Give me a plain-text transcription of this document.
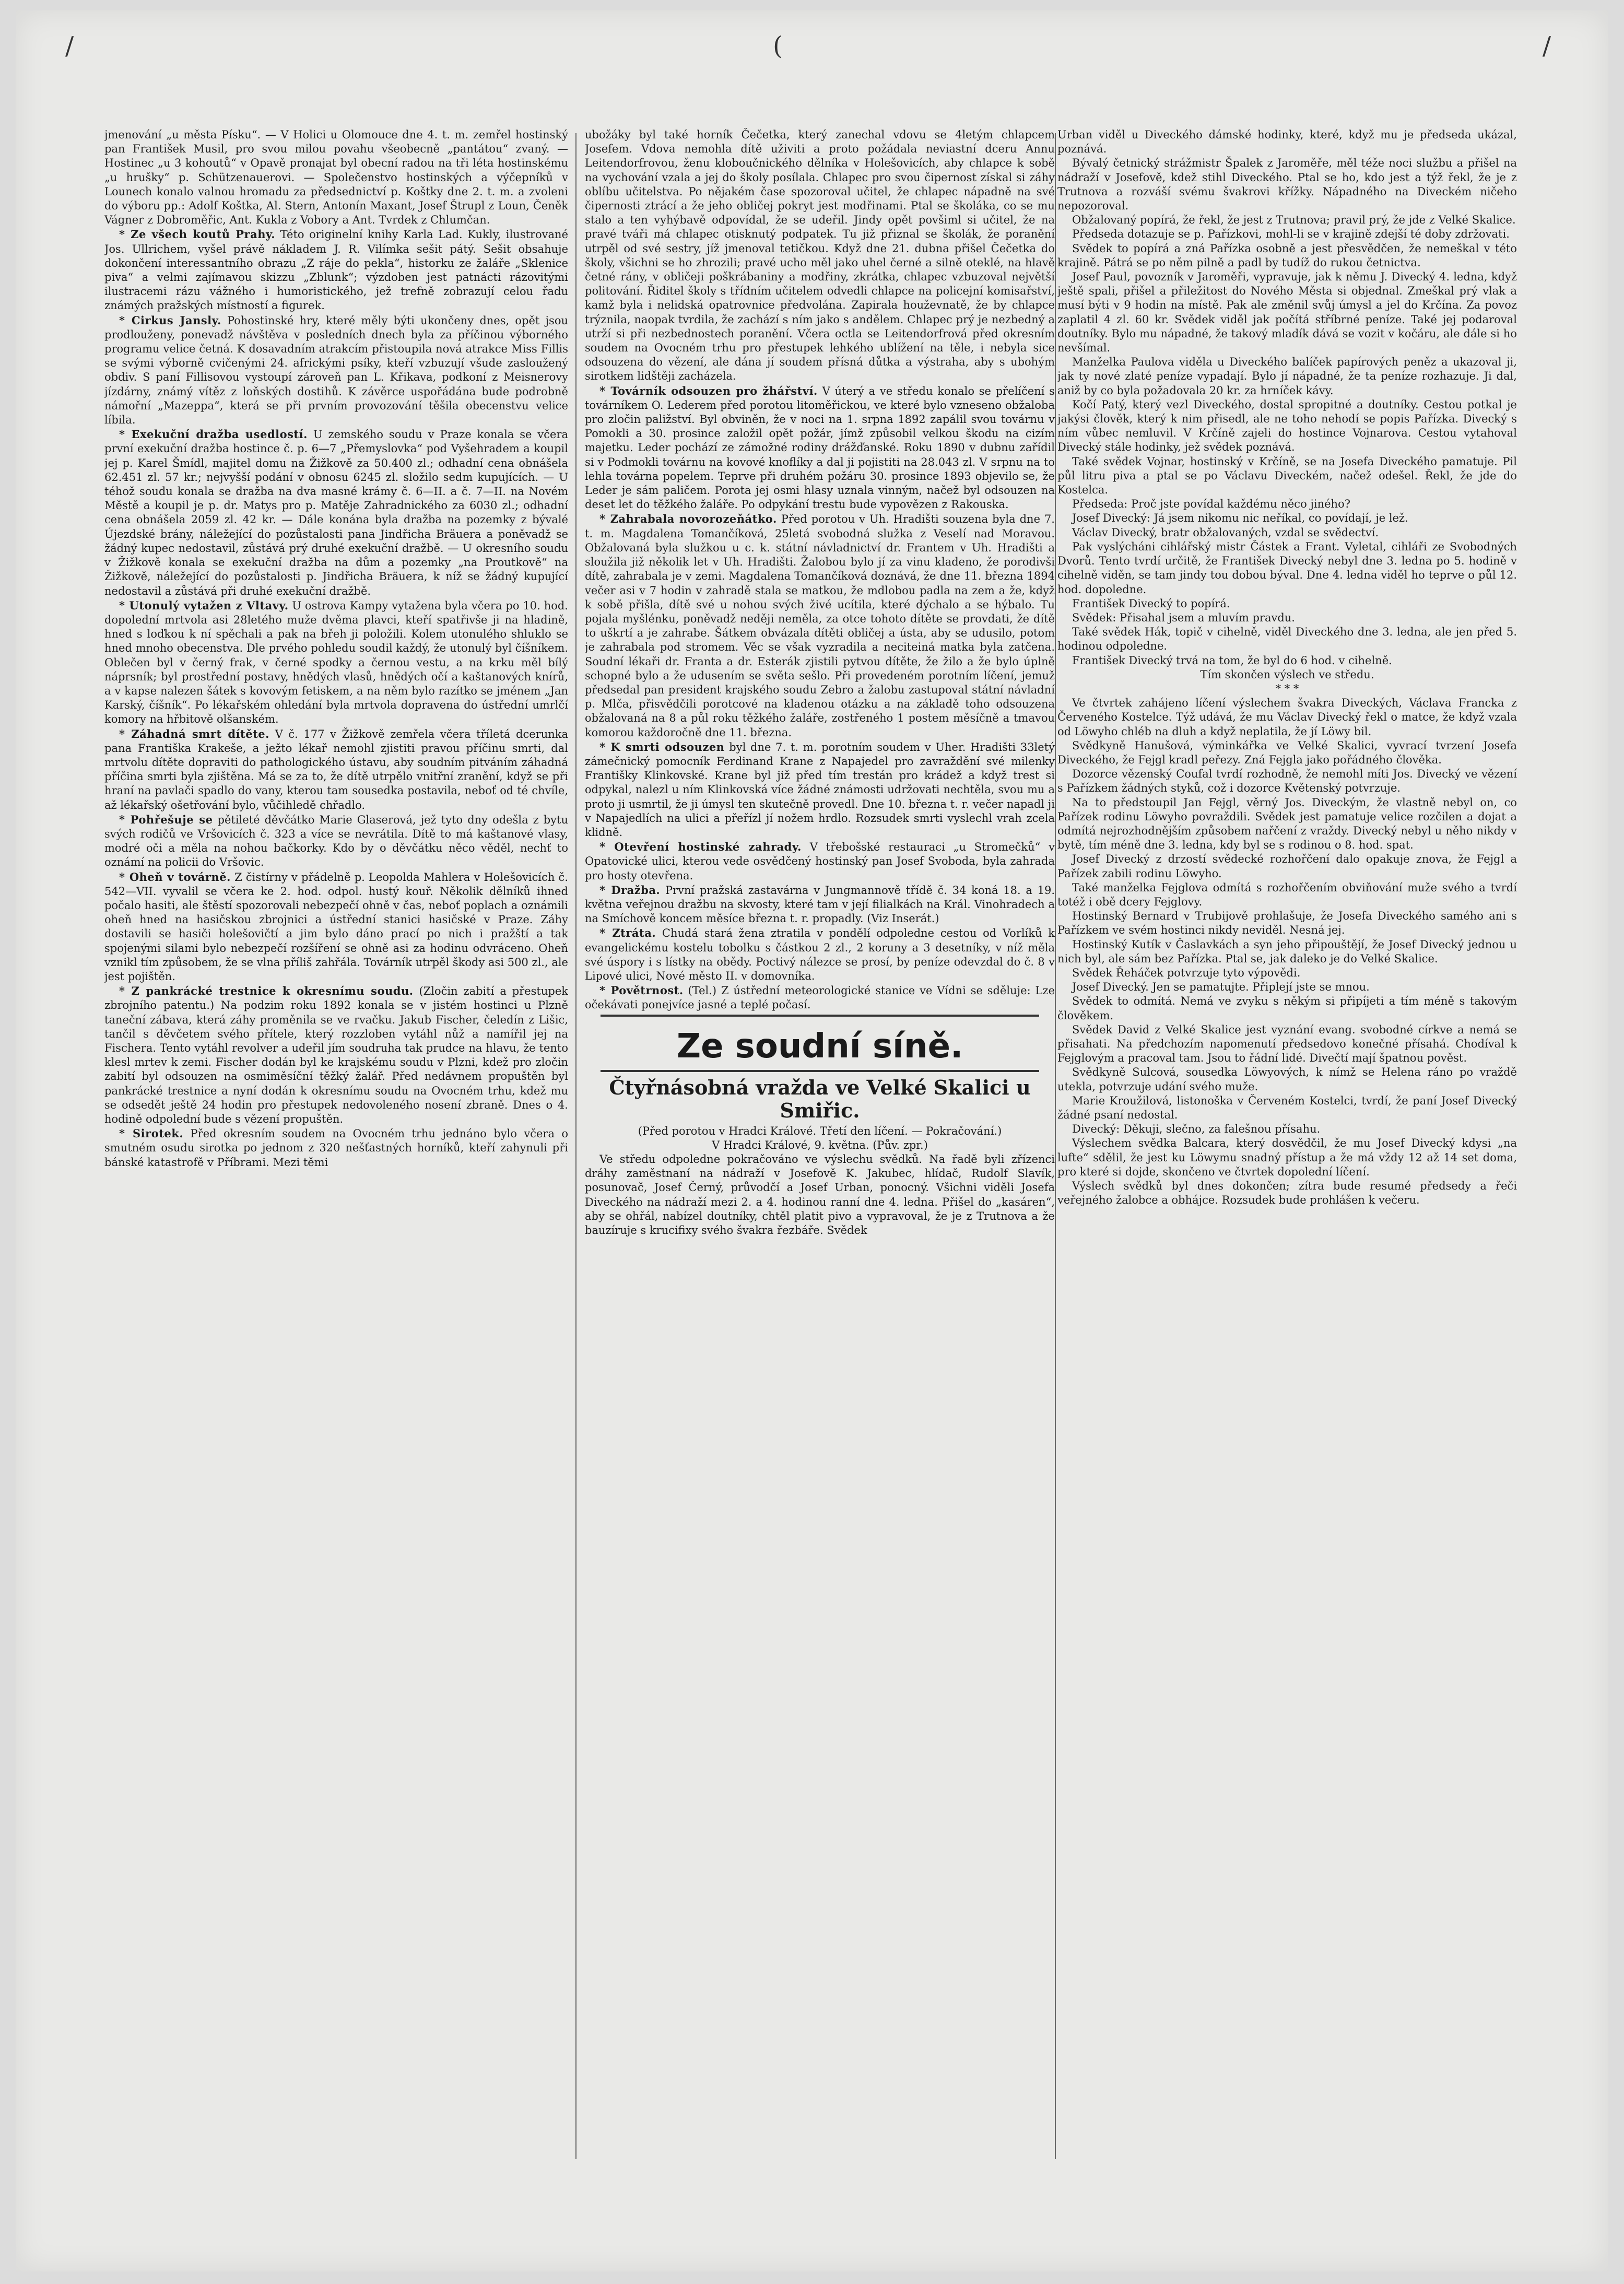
/	(	/

jmenování „u města Písku“. — V Holici u Olomouce dne 4. t. m. zemřel hostinský pan František Musil, pro svou milou povahu všeobecně „pantátou“ zvaný. — Hostinec „u 3 kohoutů“ v Opavě pronajat byl obecní radou na tři léta hostinskému „u hrušky“ p. Schützenauerovi. — Společenstvo hostinských a výčepníků v Lounech konalo valnou hromadu za předsednictví p. Koštky dne 2. t. m. a zvoleni do výboru pp.: Adolf Koštka, Al. Stern, Antonín Maxant, Josef Štrupl z Loun, Čeněk Vágner z Dobroměřic, Ant. Kukla z Vobory a Ant. Tvrdek z Chlumčan.

* Ze všech koutů Prahy. Této originelní knihy Karla Lad. Kukly, ilustrované Jos. Ullrichem, vyšel právě nákladem J. R. Vilímka sešit pátý. Sešit obsahuje dokončení interessantního obrazu „Z ráje do pekla“, historku ze žaláře „Sklenice piva“ a velmi zajímavou skizzu „Zblunk“; výzdoben jest patnácti rázovitými ilustracemi rázu vážného i humoristického, jež trefně zobrazují celou řadu známých pražských místností a figurek.

* Cirkus Jansly. Pohostinské hry, které měly býti ukončeny dnes, opět jsou prodlouženy, ponevadž návštěva v posledních dnech byla za příčinou výborného programu velice četná. K dosavadním atrakcím přistoupila nová atrakce Miss Fillis se svými výborně cvičenými 24. africkými psíky, kteří vzbuzují všude zasloužený obdiv. S paní Fillisovou vystoupí zároveň pan L. Křikava, podkoní z Meisnerovy jízdárny, známý vítěz z loňských dostihů. K závěrce uspořádána bude podrobně námořní „Mazeppa“, která se při prvním provozování těšila obecenstvu velice líbila.

* Exekuční dražba usedlostí. U zemského soudu v Praze konala se včera první exekuční dražba hostince č. p. 6—7 „Přemyslovka“ pod Vyšehradem a koupil jej p. Karel Šmídl, majitel domu na Žižkově za 50.400 zl.; odhadní cena obnášela 62.451 zl. 57 kr.; nejvyšší podání v obnosu 6245 zl. složilo sedm kupujících. — U téhož soudu konala se dražba na dva masné krámy č. 6—II. a č. 7—II. na Novém Městě a koupil je p. dr. Matys pro p. Matěje Zahradnického za 6030 zl.; odhadní cena obnášela 2059 zl. 42 kr. — Dále konána byla dražba na pozemky z bývalé Újezdské brány, náležející do pozůstalosti pana Jindřicha Bräuera a poněvadž se žádný kupec nedostavil, zůstává prý druhé exekuční dražbě. — U okresního soudu v Žižkově konala se exekuční dražba na dům a pozemky „na Proutkově“ na Žižkově, náležející do pozůstalosti p. Jindřicha Bräuera, k níž se žádný kupující nedostavil a zůstává při druhé exekuční dražbě.

* Utonulý vytažen z Vltavy. U ostrova Kampy vytažena byla včera po 10. hod. dopolední mrtvola asi 28letého muže dvěma plavci, kteří spatřivše ji na hladině, hned s loďkou k ní spěchali a pak na břeh ji položili. Kolem utonulého shluklo se hned mnoho obecenstva. Dle prvého pohledu soudil každý, že utonulý byl číšníkem. Oblečen byl v černý frak, v černé spodky a černou vestu, a na krku měl bílý náprsník; byl prostřední postavy, hnědých vlasů, hnědých očí a kaštanových knírů, a v kapse nalezen šátek s kovovým fetiskem, a na něm bylo razítko se jménem „Jan Karský, číšník“. Po lékařském ohledání byla mrtvola dopravena do ústřední umrlčí komory na hřbitově olšanském.

* Záhadná smrt dítěte. V č. 177 v Žižkově zemřela včera tříletá dcerunka pana Františka Krakeše, a ježto lékař nemohl zjistiti pravou příčinu smrti, dal mrtvolu dítěte dopraviti do pathologického ústavu, aby soudním pitváním záhadná příčina smrti byla zjištěna. Má se za to, že dítě utrpělo vnitřní zranění, když se při hraní na pavlači spadlo do vany, kterou tam sousedka postavila, neboť od té chvíle, až lékařský ošetřování bylo, vůčihledě chřadlo.

* Pohřešuje se pětileté děvčátko Marie Glaserová, jež tyto dny odešla z bytu svých rodičů ve Vršovicích č. 323 a více se nevrátila. Dítě to má kaštanové vlasy, modré oči a měla na nohou bačkorky. Kdo by o děvčátku něco věděl, nechť to oznámí na policii do Vršovic.

* Oheň v továrně. Z čistírny v přádelně p. Leopolda Mahlera v Holešovicích č. 542—VII. vyvalil se včera ke 2. hod. odpol. hustý kouř. Několik dělníků ihned počalo hasiti, ale štěstí spozorovali nebezpečí ohně v čas, neboť poplach a oznámili oheň hned na hasičskou zbrojnici a ústřední stanici hasičské v Praze. Záhy dostavili se hasiči holešovičtí a jim bylo dáno prací po nich i pražští a tak spojenými silami bylo nebezpečí rozšíření se ohně asi za hodinu odvráceno. Oheň vznikl tím způsobem, že se vlna příliš zahřála. Továrník utrpěl škody asi 500 zl., ale jest pojištěn.

* Z pankrácké trestnice k okresnímu soudu. (Zločin zabití a přestupek zbrojního patentu.) Na podzim roku 1892 konala se v jistém hostinci u Plzně taneční zábava, která záhy proměnila se ve rvačku. Jakub Fischer, čeledín z Lišic, tančil s děvčetem svého přítele, který rozzloben vytáhl nůž a namířil jej na Fischera. Tento vytáhl revolver a udeřil jím soudruha tak prudce na hlavu, že tento klesl mrtev k zemi. Fischer dodán byl ke krajskému soudu v Plzni, kdež pro zločin zabití byl odsouzen na osmiměsíční těžký žalář. Před nedávnem propuštěn byl pankrácké trestnice a nyní dodán k okresnímu soudu na Ovocném trhu, kdež mu se odsedět ještě 24 hodin pro přestupek nedovoleného nosení zbraně. Dnes o 4. hodině odpolední bude s vězení propuštěn.

* Sirotek. Před okresním soudem na Ovocném trhu jednáno bylo včera o smutném osudu sirotka po jednom z 320 nešťastných horníků, kteří zahynuli při bánské katastrofě v Příbrami. Mezi těmi

ubožáky byl také horník Čečetka, který zanechal vdovu se 4letým chlapcem Josefem. Vdova nemohla dítě uživiti a proto požádala neviastní dceru Annu Leitendorfrovou, ženu kloboučnického dělníka v Holešovicích, aby chlapce k sobě na vychování vzala a jej do školy posílala. Chlapec pro svou čipernost získal si záhy oblíbu učitelstva. Po nějakém čase spozoroval učitel, že chlapec nápadně na své čipernosti ztrácí a že jeho obličej pokryt jest modřinami. Ptal se školáka, co se mu stalo a ten vyhýbavě odpovídal, že se udeřil. Jindy opět povšiml si učitel, že na pravé tváři má chlapec otisknutý podpatek. Tu již přiznal se školák, že poranění utrpěl od své sestry, jíž jmenoval tetičkou. Když dne 21. dubna přišel Čečetka do školy, všichni se ho zhrozili; pravé ucho měl jako uhel černé a silně oteklé, na hlavě četné rány, v obličeji poškrábaniny a modřiny, zkrátka, chlapec vzbuzoval největší politování. Řiditel školy s třídním učitelem odvedli chlapce na policejní komisařství, kamž byla i nelidská opatrovnice předvolána. Zapirala houževnatě, že by chlapce trýznila, naopak tvrdila, že zachází s ním jako s andělem. Chlapec prý je nezbedný a utrží si při nezbednostech poranění. Včera octla se Leitendorfrová před okresním soudem na Ovocném trhu pro přestupek lehkého ublížení na těle, i nebyla sice odsouzena do vězení, ale dána jí soudem přísná důtka a výstraha, aby s ubohým sirotkem lidštěji zacházela.

* Továrník odsouzen pro žhářství. V úterý a ve středu konalo se přelíčení s továrníkem O. Lederem před porotou litoměřickou, ve které bylo vzneseno obžaloba pro zločin paližství. Byl obviněn, že v noci na 1. srpna 1892 zapálil svou továrnu v Pomokli a 30. prosince založil opět požár, jímž způsobil velkou škodu na cizím majetku. Leder pochází ze zámožné rodiny drážďanské. Roku 1890 v dubnu zařídil si v Podmokli továrnu na kovové knoflíky a dal ji pojistiti na 28.043 zl. V srpnu na to lehla továrna popelem. Teprve při druhém požáru 30. prosince 1893 objevilo se, že Leder je sám paličem. Porota jej osmi hlasy uznala vinným, načež byl odsouzen na deset let do těžkého žaláře. Po odpykání trestu bude vypovězen z Rakouska.

* Zahrabala novorozeňátko. Před porotou v Uh. Hradišti souzena byla dne 7. t. m. Magdalena Tomančíková, 25letá svobodná služka z Veselí nad Moravou. Obžalovaná byla služkou u c. k. státní návladnictví dr. Frantem v Uh. Hradišti a sloužila již několik let v Uh. Hradišti. Žalobou bylo jí za vinu kladeno, že porodivši dítě, zahrabala je v zemi. Magdalena Tomančíková doznává, že dne 11. března 1894 večer asi v 7 hodin v zahradě stala se matkou, že mdlobou padla na zem a že, když k sobě přišla, dítě své u nohou svých živé ucítila, které dýchalo a se hýbalo. Tu pojala myšlénku, poněvadž neději neměla, za otce tohoto dítěte se provdati, že dítě to uškrtí a je zahrabe. Šátkem obvázala dítěti obličej a ústa, aby se udusilo, potom je zahrabala pod stromem. Věc se však vyzradila a neciteiná matka byla zatčena. Soudní lékaři dr. Franta a dr. Esterák zjistili pytvou dítěte, že žilo a že bylo úplně schopné bylo a že udusením se světa sešlo. Při provedeném porotním líčení, jemuž předsedal pan president krajského soudu Zebro a žalobu zastupoval státní návladní p. Mlča, přisvědčili porotcové na kladenou otázku a na základě toho odsouzena obžalovaná na 8 a půl roku těžkého žaláře, zostřeného 1 postem měsíčně a tmavou komorou každoročně dne 11. března.

* K smrti odsouzen byl dne 7. t. m. porotním soudem v Uher. Hradišti 33letý zámečnický pomocník Ferdinand Krane z Napajedel pro zavraždění své milenky Františky Klinkovské. Krane byl již před tím trestán pro krádež a když trest si odpykal, nalezl u ním Klinkovská více žádné známosti udržovati nechtěla, svou mu a proto ji usmrtil, že ji úmysl ten skutečně provedl. Dne 10. března t. r. večer napadl ji v Napajedlích na ulici a přeřízl jí nožem hrdlo. Rozsudek smrti vyslechl vrah zcela klidně.

* Otevření hostinské zahrady. V třebošské restauraci „u Stromečků“ v Opatovické ulici, kterou vede osvědčený hostinský pan Josef Svoboda, byla zahrada pro hosty otevřena.

* Dražba. První pražská zastavárna v Jungmannově třídě č. 34 koná 18. a 19. května veřejnou dražbu na skvosty, které tam v její filialkách na Král. Vinohradech a na Smíchově koncem měsíce března t. r. propadly. (Viz Inserát.)

* Ztráta. Chudá stará žena ztratila v pondělí odpoledne cestou od Vorlíků k evangelickému kostelu tobolku s částkou 2 zl., 2 koruny a 3 desetníky, v níž měla své úspory i s lístky na obědy. Poctivý nálezce se prosí, by peníze odevzdal do č. 8 v Lipové ulici, Nové město II. v domovníka.

* Povětrnost. (Tel.) Z ústřední meteorologické stanice ve Vídni se sděluje: Lze očekávati ponejvíce jasné a teplé počasí.

Ze soudní síně.
Čtyřnásobná vražda ve Velké Skalici u Smiřic.

(Před porotou v Hradci Králové. Třetí den líčení. — Pokračování.)

V Hradci Králové, 9. května. (Pův. zpr.)

Ve středu odpoledne pokračováno ve výslechu svědků. Na řadě byli zřízenci dráhy zaměstnaní na nádraží v Josefově K. Jakubec, hlídač, Rudolf Slavík, posunovač, Josef Černý, průvodčí a Josef Urban, ponocný. Všichni viděli Josefa Diveckého na nádraží mezi 2. a 4. hodinou ranní dne 4. ledna. Přišel do „kasáren“, aby se ohřál, nabízel doutníky, chtěl platit pivo a vypravoval, že je z Trutnova a že bauzíruje s krucifixy svého švakra řezbáře. Svědek

Urban viděl u Diveckého dámské hodinky, které, když mu je předseda ukázal, poznává.

Bývalý četnický strážmistr Špalek z Jaroměře, měl téže noci službu a přišel na nádraží v Josefově, kdež stihl Diveckého. Ptal se ho, kdo jest a týž řekl, že je z Trutnova a rozváší svému švakrovi křížky. Nápadného na Diveckém ničeho nepozoroval.

Obžalovaný popírá, že řekl, že jest z Trutnova; pravil prý, že jde z Velké Skalice.

Předseda dotazuje se p. Pařízkovi, mohl-li se v krajině zdejší té doby zdržovati.

Svědek to popírá a zná Pařízka osobně a jest přesvědčen, že nemeškal v této krajině. Pátrá se po něm pilně a padl by tudíž do rukou četnictva.

Josef Paul, povozník v Jaroměři, vypravuje, jak k němu J. Divecký 4. ledna, když ještě spali, přišel a přiležitost do Nového Města si objednal. Zmeškal prý vlak a musí býti v 9 hodin na místě. Pak ale změnil svůj úmysl a jel do Krčína. Za povoz zaplatil 4 zl. 60 kr. Svědek viděl jak počítá stříbrné peníze. Také jej podaroval doutníky. Bylo mu nápadné, že takový mladík dává se vozit v kočáru, ale dále si ho nevšímal.

Manželka Paulova viděla u Diveckého balíček papírových peněz a ukazoval ji, jak ty nové zlaté peníze vypadají. Bylo jí nápadné, že ta peníze rozhazuje. Ji dal, aniž by co byla požadovala 20 kr. za hrníček kávy.

Kočí Patý, který vezl Diveckého, dostal spropitné a doutníky. Cestou potkal je jakýsi člověk, který k nim přisedl, ale ne toho nehodí se popis Pařízka. Divecký s ním vůbec nemluvil. V Krčíně zajeli do hostince Vojnarova. Cestou vytahoval Divecký stále hodinky, jež svědek poznává.

Také svědek Vojnar, hostinský v Krčíně, se na Josefa Diveckého pamatuje. Pil půl litru piva a ptal se po Václavu Diveckém, načež odešel. Řekl, že jde do Kostelca.

Předseda: Proč jste povídal každému něco jiného?

Josef Divecký: Já jsem nikomu nic neříkal, co povídají, je lež.

Václav Divecký, bratr obžalovaných, vzdal se svědectví.

Pak vyslýcháni cihlářský mistr Částek a Frant. Vyletal, cihláři ze Svobodných Dvorů. Tento tvrdí určitě, že František Divecký nebyl dne 3. ledna po 5. hodině v cihelně viděn, se tam jindy tou dobou býval. Dne 4. ledna viděl ho teprve o půl 12. hod. dopoledne.

František Divecký to popírá.

Svědek: Přisahal jsem a mluvím pravdu.

Také svědek Hák, topič v cihelně, viděl Diveckého dne 3. ledna, ale jen před 5. hodinou odpoledne.

František Divecký trvá na tom, že byl do 6 hod. v cihelně.

Tím skončen výslech ve středu.

* * *

Ve čtvrtek zahájeno líčení výslechem švakra Diveckých, Václava Francka z Červeného Kostelce. Týž udává, že mu Václav Divecký řekl o matce, že když vzala od Löwyho chléb na dluh a když neplatila, že jí Löwy bil.

Svědkyně Hanušová, výminkářka ve Velké Skalici, vyvrací tvrzení Josefa Diveckého, že Fejgl kradl peřezy. Zná Fejgla jako pořádného člověka.

Dozorce vězenský Coufal tvrdí rozhodně, že nemohl míti Jos. Divecký ve vězení s Pařízkem žádných styků, což i dozorce Květenský potvrzuje.

Na to předstoupil Jan Fejgl, věrný Jos. Diveckým, že vlastně nebyl on, co Pařízek rodinu Löwyho povraždili. Svědek jest pamatuje velice rozčilen a dojat a odmítá nejrozhodnějším způsobem nařčení z vraždy. Divecký nebyl u něho nikdy v bytě, tím méně dne 3. ledna, kdy byl se s rodinou o 8. hod. spat.

Josef Divecký z drzostí svědecké rozhořčení dalo opakuje znova, že Fejgl a Pařízek zabili rodinu Löwyho.

Také manželka Fejglova odmítá s rozhořčením obviňování muže svého a tvrdí totéž i obě dcery Fejglovy.

Hostinský Bernard v Trubijově prohlašuje, že Josefa Diveckého samého ani s Pařízkem ve svém hostinci nikdy neviděl. Nesná jej.

Hostinský Kutík v Časlavkách a syn jeho připouštějí, že Josef Divecký jednou u nich byl, ale sám bez Pařízka. Ptal se, jak daleko je do Velké Skalice.

Svědek Řeháček potvrzuje tyto výpovědi.

Josef Divecký. Jen se pamatujte. Připlejí jste se mnou.

Svědek to odmítá. Nemá ve zvyku s někým si připíjeti a tím méně s takovým člověkem.

Svědek David z Velké Skalice jest vyznání evang. svobodné církve a nemá se přisahati. Na předchozím napomenutí předsedovo konečné přísahá. Chodíval k Fejglovým a pracoval tam. Jsou to řádní lidé. Divečtí mají špatnou pověst.

Svědkyně Sulcová, sousedka Löwyových, k nímž se Helena ráno po vraždě utekla, potvrzuje udání svého muže.

Marie Kroužilová, listonoška v Červeném Kostelci, tvrdí, že paní Josef Divecký žádné psaní nedostal.

Divecký: Děkuji, slečno, za falešnou přísahu.

Výslechem svědka Balcara, který dosvědčil, že mu Josef Divecký kdysi „na lufte“ sdělil, že jest ku Löwymu snadný přístup a že má vždy 12 až 14 set doma, pro které si dojde, skončeno ve čtvrtek dopolední líčení.

Výslech svědků byl dnes dokončen; zítra bude resumé předsedy a řeči veřejného žalobce a obhájce. Rozsudek bude prohlášen k večeru.
